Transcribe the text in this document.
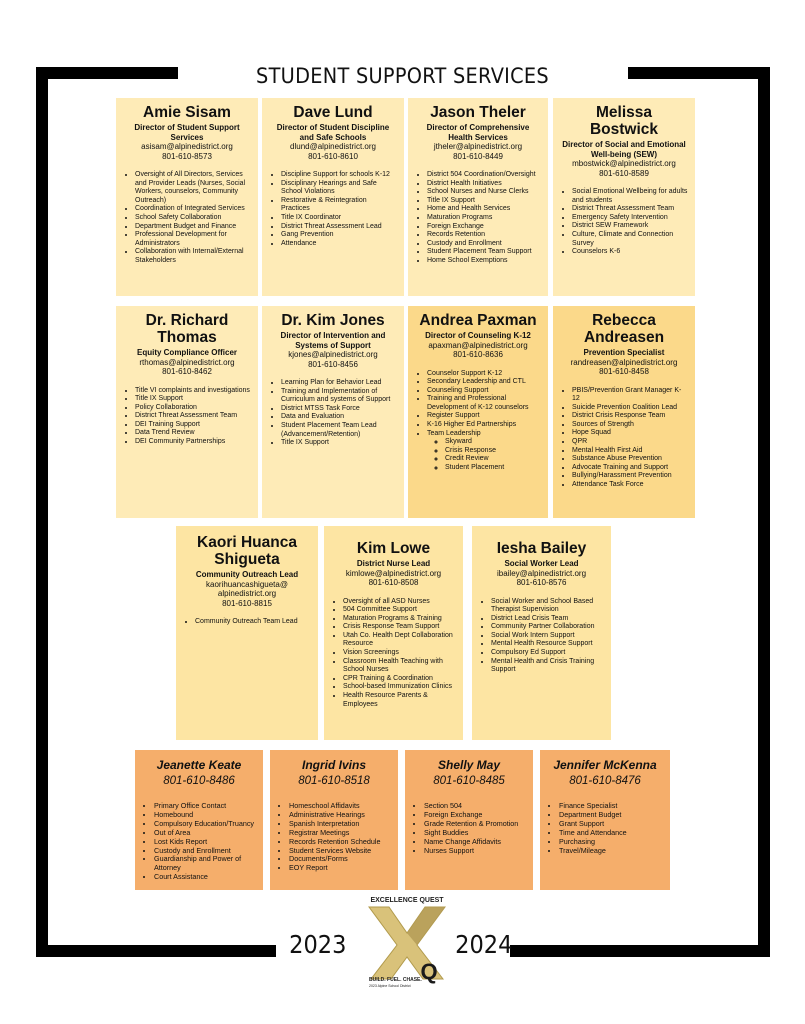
STUDENT SUPPORT SERVICES
Amie Sisam
Director of Student Support Services
asisam@alpinedistrict.org
801-610-8573
• Oversight of All Directors, Services and Provider Leads (Nurses, Social Workers, counselors, Community Outreach)
• Coordination of Integrated Services
• School Safety Collaboration
• Department Budget and Finance
• Professional Development for Administrators
• Collaboration with Internal/External Stakeholders
Dave Lund
Director of Student Discipline and Safe Schools
dlund@alpinedistrict.org
801-610-8610
• Discipline Support for schools K-12
• Disciplinary Hearings and Safe School Violations
• Restorative & Reintegration Practices
• Title IX Coordinator
• District Threat Assessment Lead
• Gang Prevention
• Attendance
Jason Theler
Director of Comprehensive Health Services
jtheler@alpinedistrict.org
801-610-8449
• District 504 Coordination/Oversight
• District Health Initiatives
• School Nurses and Nurse Clerks
• Title IX Support
• Home and Health Services
• Maturation Programs
• Foreign Exchange
• Records Retention
• Custody and Enrollment
• Student Placement Team Support
• Home School Exemptions
Melissa Bostwick
Director of Social and Emotional Well-being (SEW)
mbostwick@alpinedistrict.org
801-610-8589
• Social Emotional Wellbeing for adults and students
• District Threat Assessment Team
• Emergency Safety Intervention
• District SEW Framework
• Culture, Climate and Connection Survey
• Counselors K-6
Dr. Richard Thomas
Equity Compliance Officer
rthomas@alpinedistrict.org
801-610-8462
• Title VI complaints and investigations
• Title IX Support
• Policy Collaboration
• District Threat Assessment Team
• DEI Training Support
• Data Trend Review
• DEI Community Partnerships
Dr. Kim Jones
Director of Intervention and Systems of Support
kjones@alpinedistrict.org
801-610-8456
• Learning Plan for Behavior Lead
• Training and Implementation of Curriculum and systems of Support
• District MTSS Task Force
• Data and Evaluation
• Student Placement Team Lead (Advancement/Retention)
• Title IX Support
Andrea Paxman
Director of Counseling K-12
apaxman@alpinedistrict.org
801-610-8636
• Counselor Support K-12
• Secondary Leadership and CTL
• Counseling Support
• Training and Professional Development of K-12 counselors
• Register Support
• K-16 Higher Ed Partnerships
• Team Leadership
◦ Skyward
◦ Crisis Response
◦ Credit Review
◦ Student Placement
Rebecca Andreasen
Prevention Specialist
randreasen@alpinedistrict.org
801-610-8458
• PBIS/Prevention Grant Manager K-12
• Suicide Prevention Coalition Lead
• District Crisis Response Team
• Sources of Strength
• Hope Squad
• QPR
• Mental Health First Aid
• Substance Abuse Prevention
• Advocate Training and Support
• Bullying/Harassment Prevention
• Attendance Task Force
Kaori Huanca Shigueta
Community Outreach Lead
kaorihuancashigueta@ alpinedistrict.org
801-610-8815
• Community Outreach Team Lead
Kim Lowe
District Nurse Lead
kimlowe@alpinedistrict.org
801-610-8508
• Oversight of all ASD Nurses
• 504 Committee Support
• Maturation Programs & Training
• Crisis Response Team Support
• Utah Co. Health Dept Collaboration Resource
• Vision Screenings
• Classroom Health Teaching with School Nurses
• CPR Training & Coordination
• School-based Immunization Clinics
• Health Resource Parents & Employees
Iesha Bailey
Social Worker Lead
ibailey@alpinedistrict.org
801-610-8576
• Social Worker and School Based Therapist Supervision
• District Lead Crisis Team
• Community Partner Collaboration
• Social Work Intern Support
• Mental Health Resource Support
• Compulsory Ed Support
• Mental Health and Crisis Training Support
Jeanette Keate
801-610-8486
• Primary Office Contact
• Homebound
• Compulsory Education/Truancy
• Out of Area
• Lost Kids Report
• Custody and Enrollment
• Guardianship and Power of Attorney
• Court Assistance
Ingrid Ivins
801-610-8518
• Homeschool Affidavits
• Administrative Hearings
• Spanish Interpretation
• Registrar Meetings
• Records Retention Schedule
• Student Services Website
• Documents/Forms
• EOY Report
Shelly May
801-610-8485
• Section 504
• Foreign Exchange
• Grade Retention & Promotion
• Sight Buddies
• Name Change Affidavits
• Nurses Support
Jennifer McKenna
801-610-8476
• Finance Specialist
• Department Budget
• Grant Support
• Time and Attendance
• Purchasing
• Travel/Mileage
2023	2024
EXCELLENCE QUEST
Q
BUILD. FUEL. CHASE.
2023 Alpine School District
